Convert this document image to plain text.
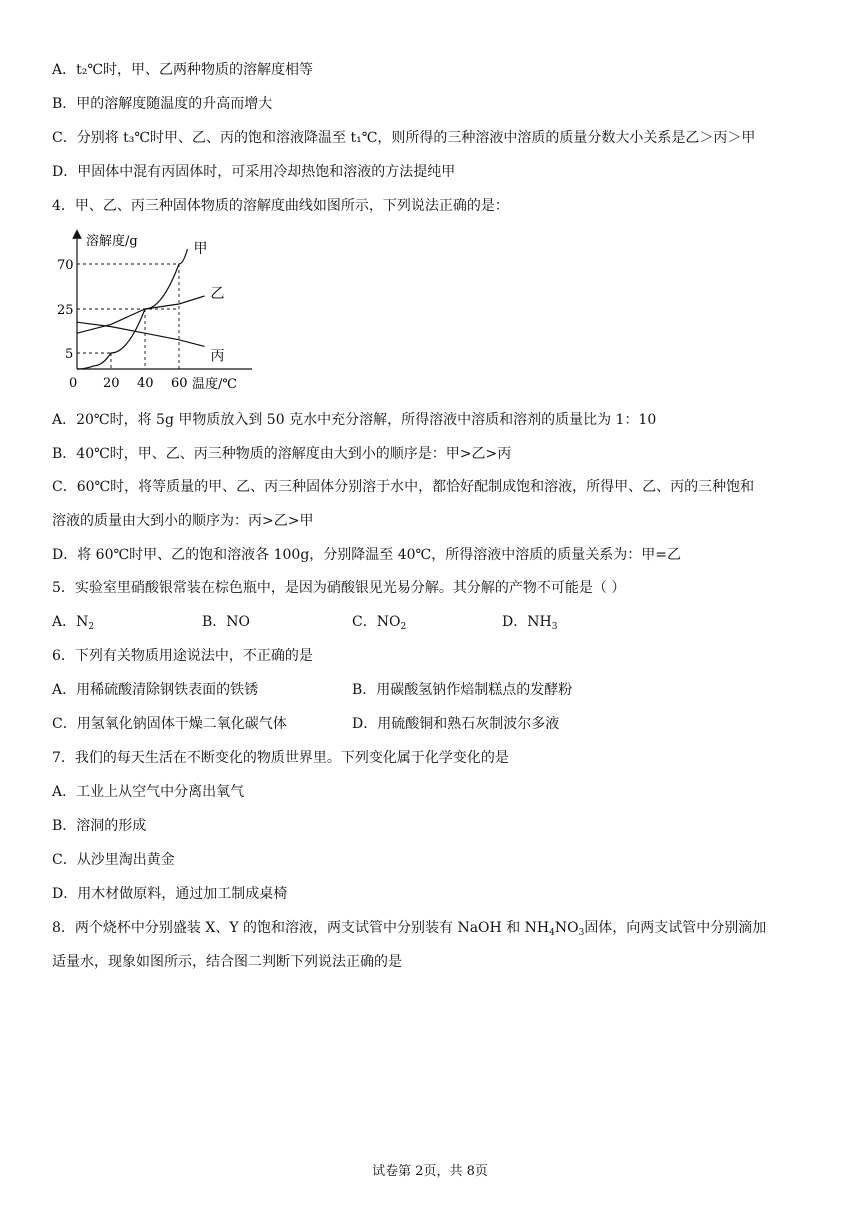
A．t₂℃时，甲、乙两种物质的溶解度相等
B．甲的溶解度随温度的升高而增大
C．分别将 t₃℃时甲、乙、丙的饱和溶液降温至 t₁℃，则所得的三种溶液中溶质的质量分数大小关系是乙＞丙＞甲
D．甲固体中混有丙固体时，可采用冷却热饱和溶液的方法提纯甲
4．甲、乙、丙三种固体物质的溶解度曲线如图所示，下列说法正确的是：
溶解度/g
温度/℃
甲
乙
丙
0 20 40 60
5
25
70
A．20℃时，将 5g 甲物质放入到 50 克水中充分溶解，所得溶液中溶质和溶剂的质量比为 1：10
B．40℃时，甲、乙、丙三种物质的溶解度由大到小的顺序是：甲>乙>丙
C．60℃时，将等质量的甲、乙、丙三种固体分别溶于水中，都恰好配制成饱和溶液，所得甲、乙、丙的三种饱和
溶液的质量由大到小的顺序为：丙>乙>甲
D．将 60℃时甲、乙的饱和溶液各 100g，分别降温至 40℃，所得溶液中溶质的质量关系为：甲=乙
5．实验室里硝酸银常装在棕色瓶中，是因为硝酸银见光易分解。其分解的产物不可能是（ ）
A．$N_2$	B．NO	C．$NO_2$	D．$NH_3$
6．下列有关物质用途说法中，不正确的是
A．用稀硫酸清除钢铁表面的铁锈	B．用碳酸氢钠作焙制糕点的发酵粉
C．用氢氧化钠固体干燥二氧化碳气体	D．用硫酸铜和熟石灰制波尔多液
7．我们的每天生活在不断变化的物质世界里。下列变化属于化学变化的是
A．工业上从空气中分离出氧气
B．溶洞的形成
C．从沙里淘出黄金
D．用木材做原料，通过加工制成桌椅
8．两个烧杯中分别盛装 X、Y 的饱和溶液，两支试管中分别装有 NaOH 和 $NH_4NO_3$固体，向两支试管中分别滴加
适量水，现象如图所示，结合图二判断下列说法正确的是
试卷第 2页，共 8页
